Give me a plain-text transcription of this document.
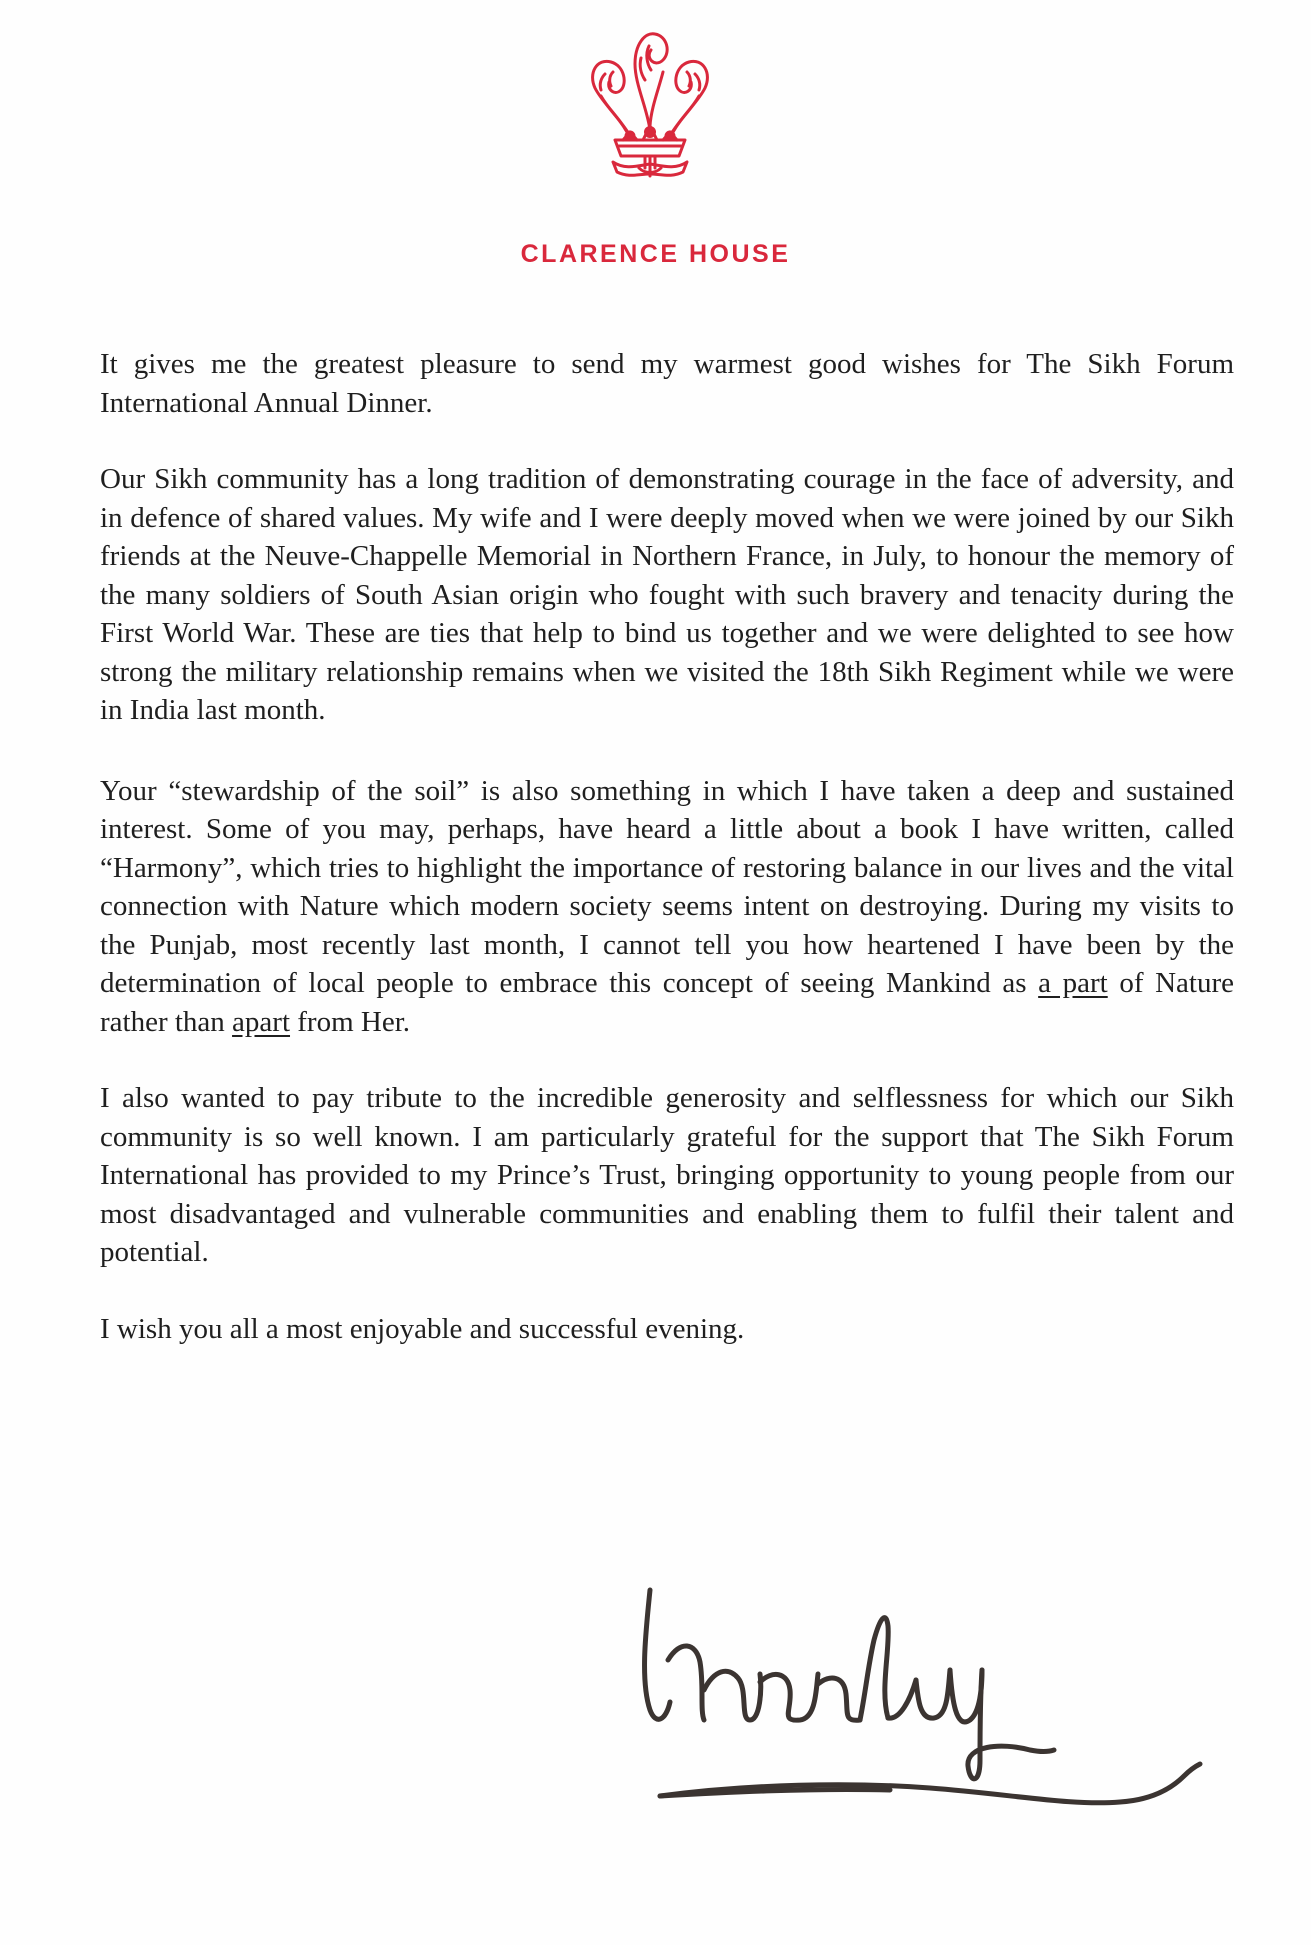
CLARENCE HOUSE

It gives me the greatest pleasure to send my warmest good wishes for The Sikh Forum International Annual Dinner.

Our Sikh community has a long tradition of demonstrating courage in the face of adversity, and in defence of shared values. My wife and I were deeply moved when we were joined by our Sikh friends at the Neuve-Chappelle Memorial in Northern France, in July, to honour the memory of the many soldiers of South Asian origin who fought with such bravery and tenacity during the First World War. These are ties that help to bind us together and we were delighted to see how strong the military relationship remains when we visited the 18th Sikh Regiment while we were in India last month.

Your “stewardship of the soil” is also something in which I have taken a deep and sustained interest. Some of you may, perhaps, have heard a little about a book I have written, called “Harmony”, which tries to highlight the importance of restoring balance in our lives and the vital connection with Nature which modern society seems intent on destroying. During my visits to the Punjab, most recently last month, I cannot tell you how heartened I have been by the determination of local people to embrace this concept of seeing Mankind as a part of Nature rather than apart from Her.

I also wanted to pay tribute to the incredible generosity and selflessness for which our Sikh community is so well known. I am particularly grateful for the support that The Sikh Forum International has provided to my Prince’s Trust, bringing opportunity to young people from our most disadvantaged and vulnerable communities and enabling them to fulfil their talent and potential.

I wish you all a most enjoyable and successful evening.
